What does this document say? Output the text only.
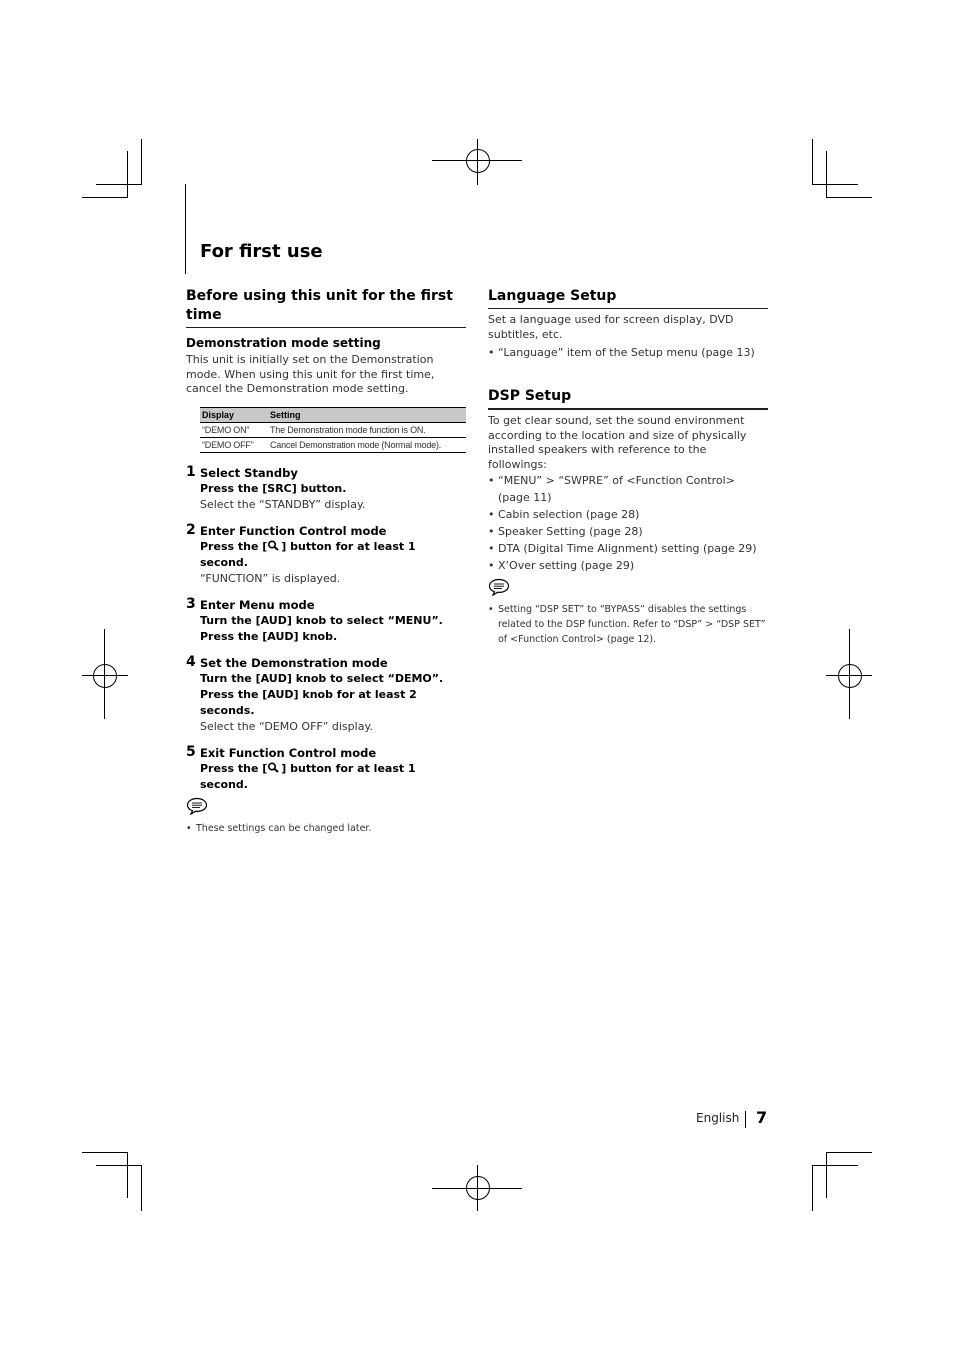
For first use
Before using this unit for the first time
Demonstration mode setting
This unit is initially set on the Demonstration mode. When using this unit for the first time, cancel the Demonstration mode setting.
Display	Setting
“DEMO ON”	The Demonstration mode function is ON.
“DEMO OFF”	Cancel Demonstration mode (Normal mode).
1 Select Standby
Press the [SRC] button.
Select the “STANDBY” display.
2 Enter Function Control mode
Press the [ ] button for at least 1 second.
“FUNCTION” is displayed.
3 Enter Menu mode
Turn the [AUD] knob to select “MENU”.
Press the [AUD] knob.
4 Set the Demonstration mode
Turn the [AUD] knob to select “DEMO”.
Press the [AUD] knob for at least 2 seconds.
Select the “DEMO OFF” display.
5 Exit Function Control mode
Press the [ ] button for at least 1 second.
• These settings can be changed later.
Language Setup
Set a language used for screen display, DVD subtitles, etc.
• “Language” item of the Setup menu (page 13)
DSP Setup
To get clear sound, set the sound environment according to the location and size of physically installed speakers with reference to the followings:
• “MENU” > “SWPRE” of <Function Control> (page 11)
• Cabin selection (page 28)
• Speaker Setting (page 28)
• DTA (Digital Time Alignment) setting (page 29)
• X’Over setting (page 29)
• Setting “DSP SET” to “BYPASS” disables the settings related to the DSP function. Refer to “DSP” > “DSP SET” of <Function Control> (page 12).
English 7
